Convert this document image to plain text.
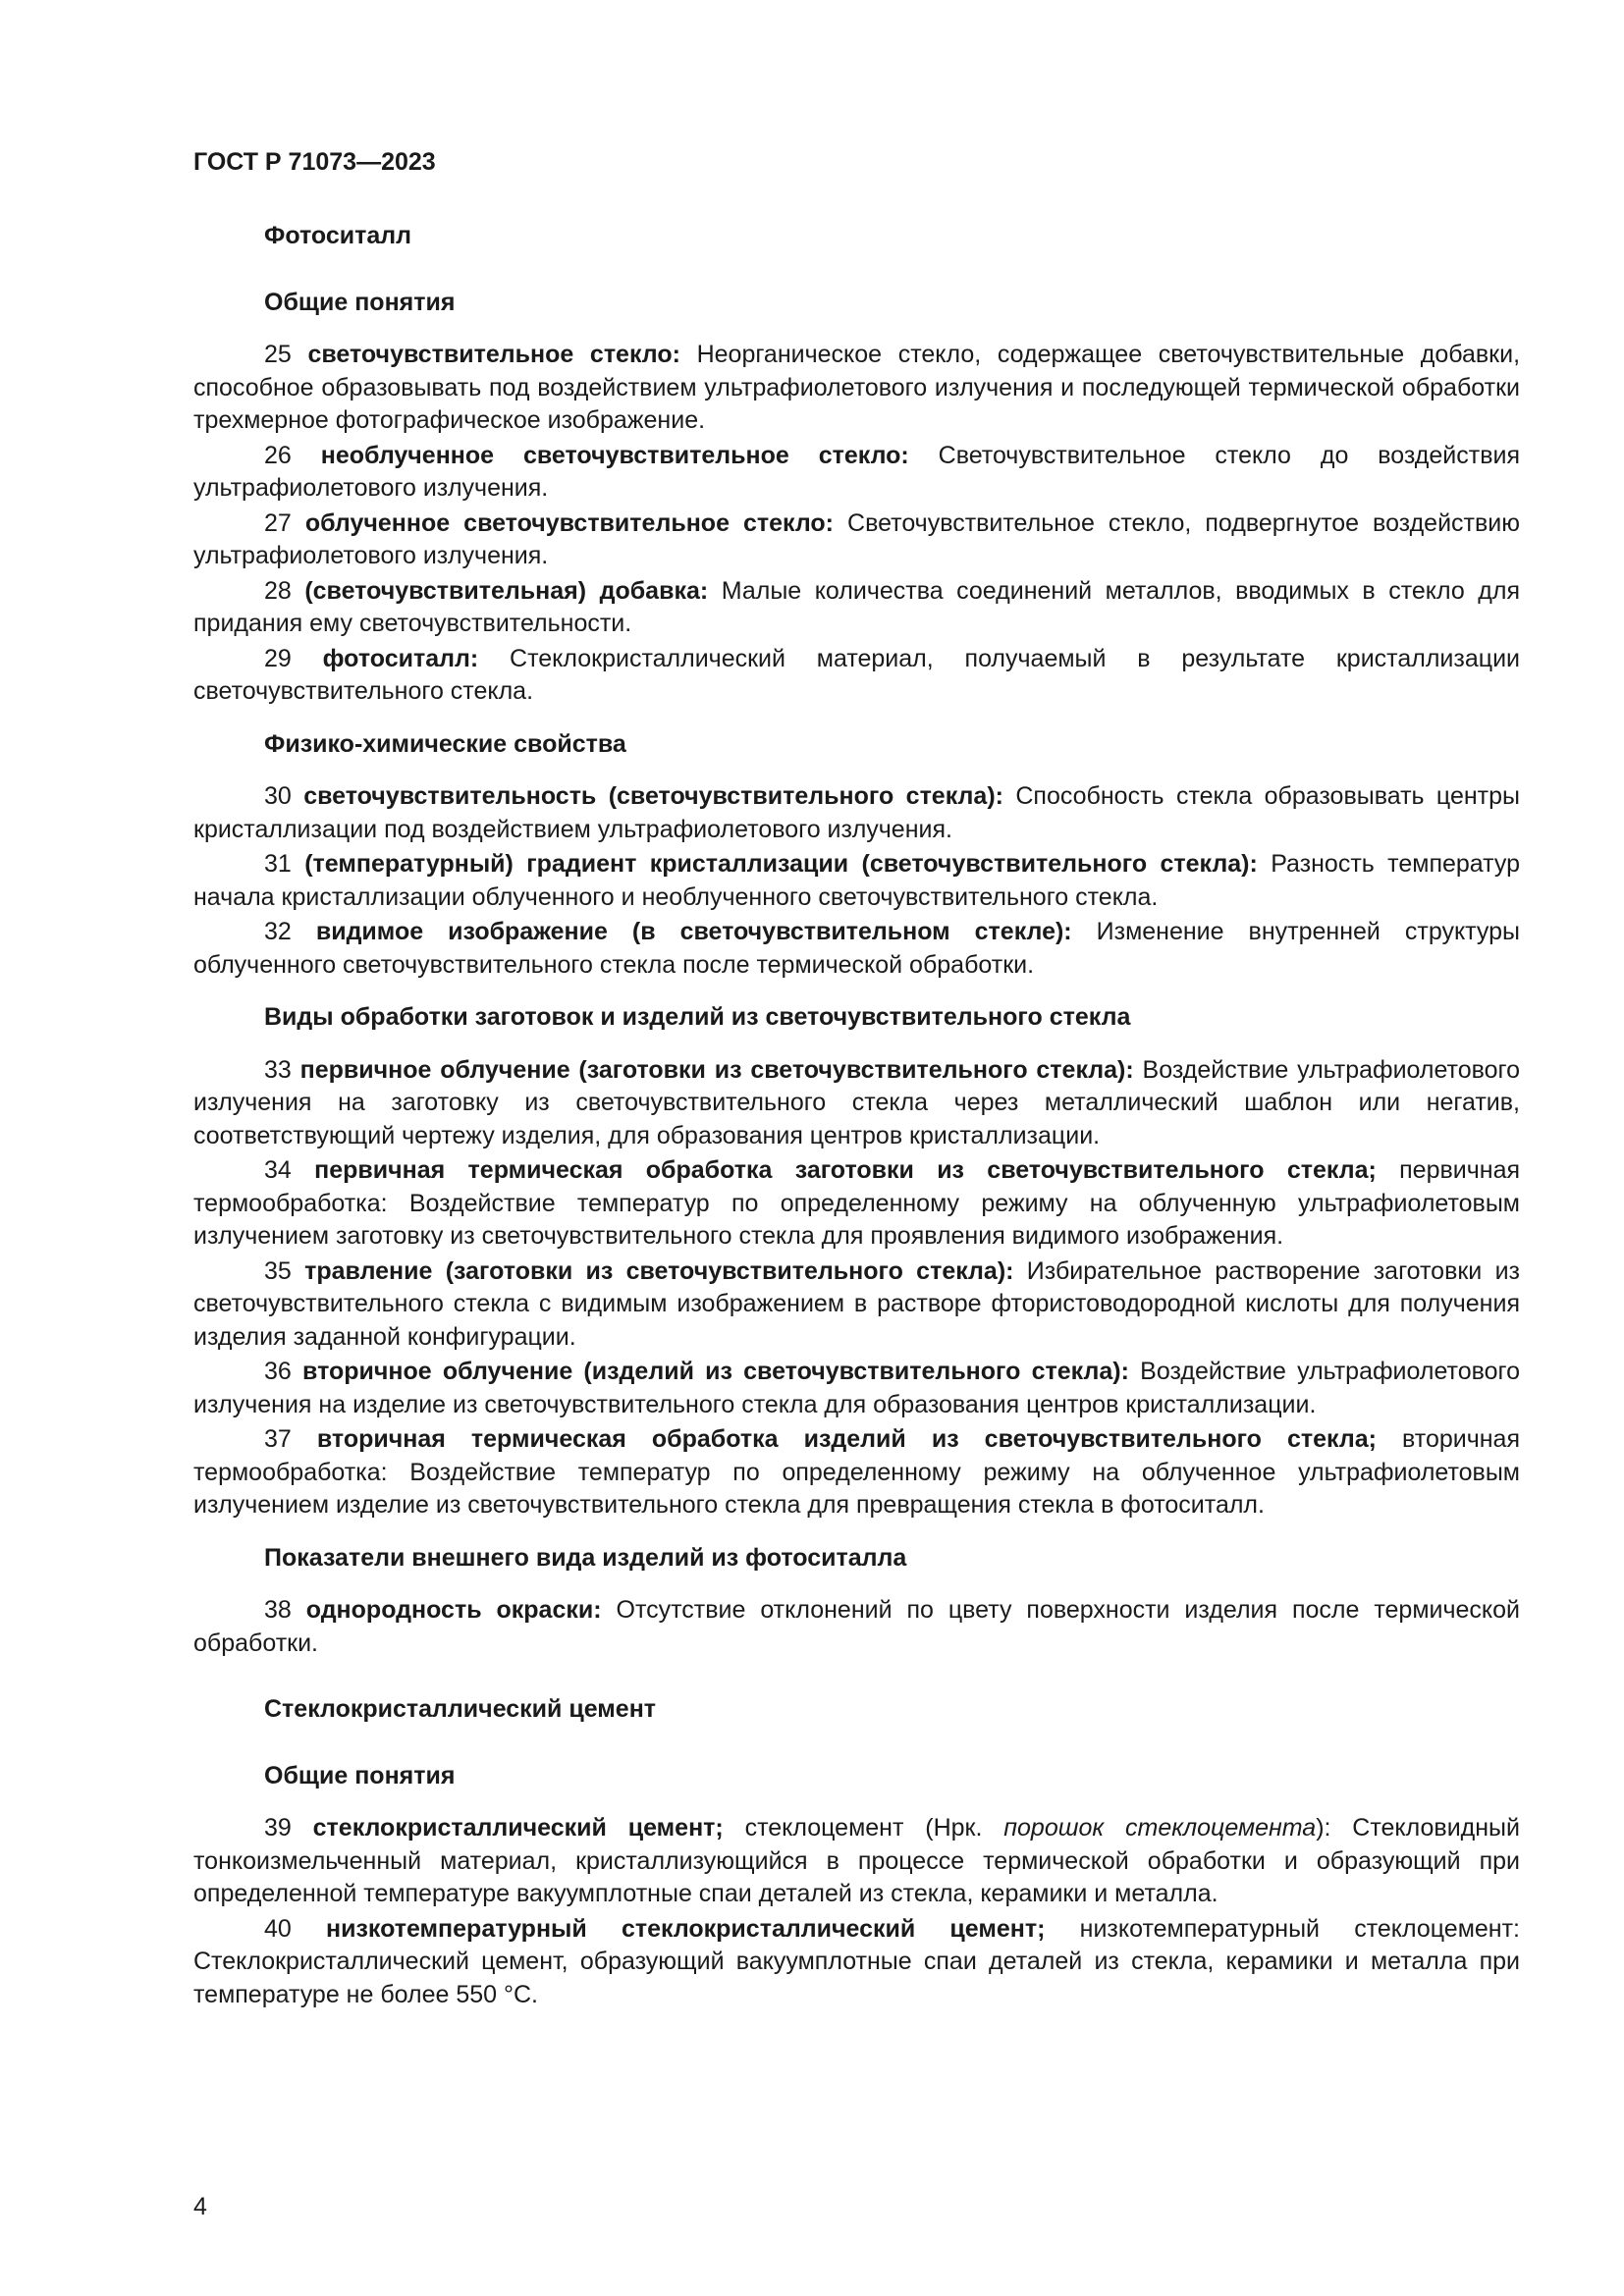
ГОСТ Р 71073—2023

Фотоситалл

Общие понятия

25 светочувствительное стекло: Неорганическое стекло, содержащее светочувствительные добавки, способное образовывать под воздействием ультрафиолетового излучения и последующей термической обработки трехмерное фотографическое изображение.

26 необлученное светочувствительное стекло: Светочувствительное стекло до воздействия ультрафиолетового излучения.

27 облученное светочувствительное стекло: Светочувствительное стекло, подвергнутое воздействию ультрафиолетового излучения.

28 (светочувствительная) добавка: Малые количества соединений металлов, вводимых в стекло для придания ему светочувствительности.

29 фотоситалл: Стеклокристаллический материал, получаемый в результате кристаллизации светочувствительного стекла.

Физико-химические свойства

30 светочувствительность (светочувствительного стекла): Способность стекла образовывать центры кристаллизации под воздействием ультрафиолетового излучения.

31 (температурный) градиент кристаллизации (светочувствительного стекла): Разность температур начала кристаллизации облученного и необлученного светочувствительного стекла.

32 видимое изображение (в светочувствительном стекле): Изменение внутренней структуры облученного светочувствительного стекла после термической обработки.

Виды обработки заготовок и изделий из светочувствительного стекла

33 первичное облучение (заготовки из светочувствительного стекла): Воздействие ультрафиолетового излучения на заготовку из светочувствительного стекла через металлический шаблон или негатив, соответствующий чертежу изделия, для образования центров кристаллизации.

34 первичная термическая обработка заготовки из светочувствительного стекла; первичная термообработка: Воздействие температур по определенному режиму на облученную ультрафиолетовым излучением заготовку из светочувствительного стекла для проявления видимого изображения.

35 травление (заготовки из светочувствительного стекла): Избирательное растворение заготовки из светочувствительного стекла с видимым изображением в растворе фтористоводородной кислоты для получения изделия заданной конфигурации.

36 вторичное облучение (изделий из светочувствительного стекла): Воздействие ультрафиолетового излучения на изделие из светочувствительного стекла для образования центров кристаллизации.

37 вторичная термическая обработка изделий из светочувствительного стекла; вторичная термообработка: Воздействие температур по определенному режиму на облученное ультрафиолетовым излучением изделие из светочувствительного стекла для превращения стекла в фотоситалл.

Показатели внешнего вида изделий из фотоситалла

38 однородность окраски: Отсутствие отклонений по цвету поверхности изделия после термической обработки.

Стеклокристаллический цемент

Общие понятия

39 стеклокристаллический цемент; стеклоцемент (Нрк. порошок стеклоцемента): Стекловидный тонкоизмельченный материал, кристаллизующийся в процессе термической обработки и образующий при определенной температуре вакуумплотные спаи деталей из стекла, керамики и металла.

40 низкотемпературный стеклокристаллический цемент; низкотемпературный стеклоцемент: Стеклокристаллический цемент, образующий вакуумплотные спаи деталей из стекла, керамики и металла при температуре не более 550 °С.

4
